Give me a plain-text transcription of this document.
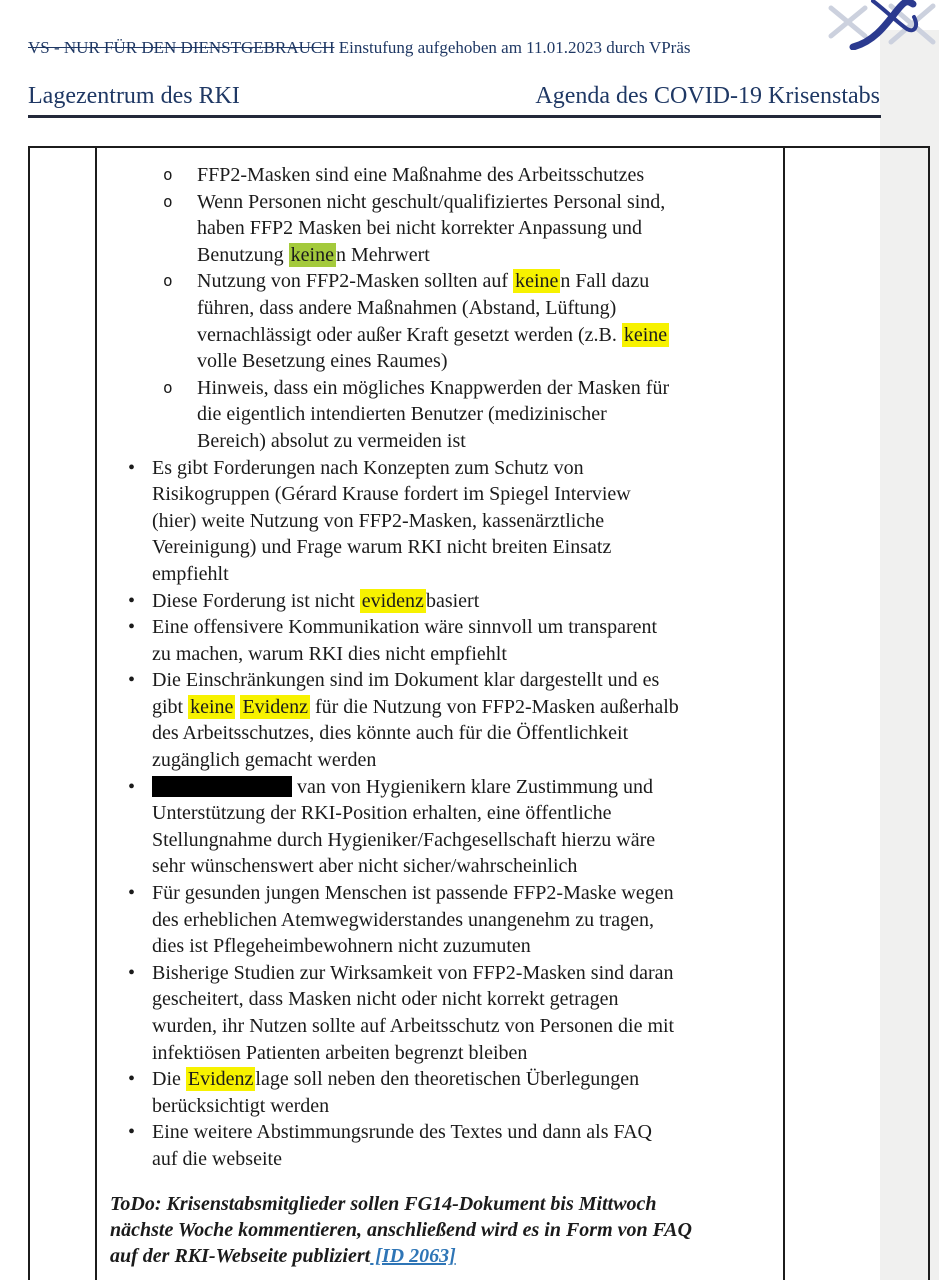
VS - NUR FÜR DEN DIENSTGEBRAUCH Einstufung aufgehoben am 11.01.2023 durch VPräs
Lagezentrum des RKI	Agenda des COVID-19 Krisenstabs
o	FFP2-Masken sind eine Maßnahme des Arbeitsschutzes
o	Wenn Personen nicht geschult/qualifiziertes Personal sind,
haben FFP2 Masken bei nicht korrekter Anpassung und
Benutzung keine n Mehrwert
o	Nutzung von FFP2-Masken sollten auf keine n Fall dazu
führen, dass andere Maßnahmen (Abstand, Lüftung)
vernachlässigt oder außer Kraft gesetzt werden (z.B. keine
volle Besetzung eines Raumes)
o	Hinweis, dass ein mögliches Knappwerden der Masken für
die eigentlich intendierten Benutzer (medizinischer
Bereich) absolut zu vermeiden ist
• Es gibt Forderungen nach Konzepten zum Schutz von
Risikogruppen (Gérard Krause fordert im Spiegel Interview
(hier) weite Nutzung von FFP2-Masken, kassenärztliche
Vereinigung) und Frage warum RKI nicht breiten Einsatz
empfiehlt
• Diese Forderung ist nicht evidenz basiert
• Eine offensivere Kommunikation wäre sinnvoll um transparent
zu machen, warum RKI dies nicht empfiehlt
• Die Einschränkungen sind im Dokument klar dargestellt und es
gibt keine Evidenz für die Nutzung von FFP2-Masken außerhalb
des Arbeitsschutzes, dies könnte auch für die Öffentlichkeit
zugänglich gemacht werden
•	van von Hygienikern klare Zustimmung und
Unterstützung der RKI-Position erhalten, eine öffentliche
Stellungnahme durch Hygieniker/Fachgesellschaft hierzu wäre
sehr wünschenswert aber nicht sicher/wahrscheinlich
• Für gesunden jungen Menschen ist passende FFP2-Maske wegen
des erheblichen Atemwegwiderstandes unangenehm zu tragen,
dies ist Pflegeheimbewohnern nicht zuzumuten
• Bisherige Studien zur Wirksamkeit von FFP2-Masken sind daran
gescheitert, dass Masken nicht oder nicht korrekt getragen
wurden, ihr Nutzen sollte auf Arbeitsschutz von Personen die mit
infektiösen Patienten arbeiten begrenzt bleiben
• Die Evidenz lage soll neben den theoretischen Überlegungen
berücksichtigt werden
• Eine weitere Abstimmungsrunde des Textes und dann als FAQ
auf die webseite
ToDo: Krisenstabsmitglieder sollen FG14-Dokument bis Mittwoch
nächste Woche kommentieren, anschließend wird es in Form von FAQ
auf der RKI-Webseite publiziert [ID 2063]
